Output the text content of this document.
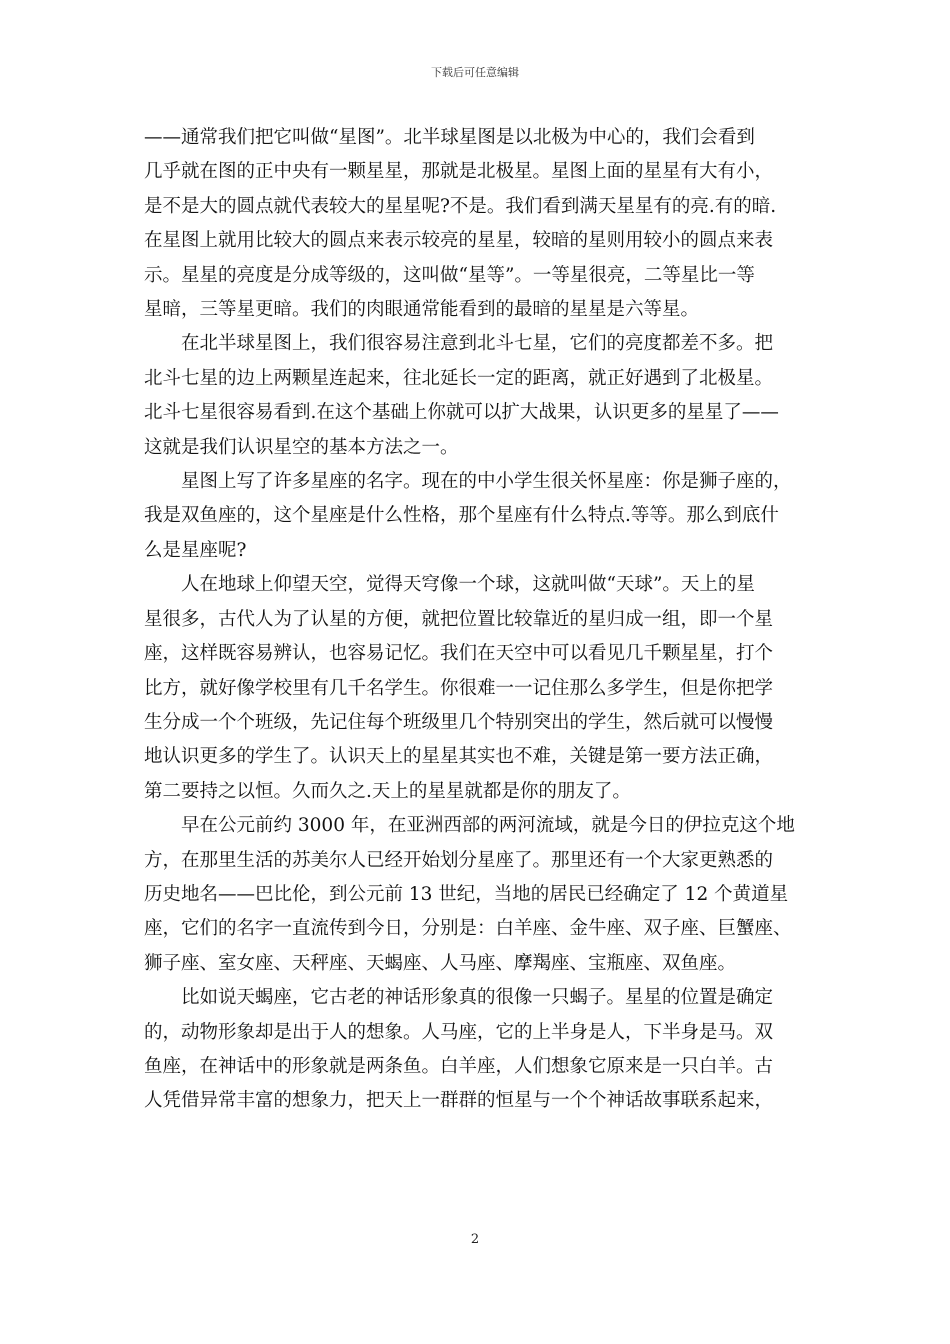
下载后可任意编辑

——通常我们把它叫做“星图”。北半球星图是以北极为中心的，我们会看到
几乎就在图的正中央有一颗星星，那就是北极星。星图上面的星星有大有小，
是不是大的圆点就代表较大的星星呢?不是。我们看到满天星星有的亮.有的暗.
在星图上就用比较大的圆点来表示较亮的星星，较暗的星则用较小的圆点来表
示。星星的亮度是分成等级的，这叫做“星等”。一等星很亮，二等星比一等
星暗，三等星更暗。我们的肉眼通常能看到的最暗的星星是六等星。

在北半球星图上，我们很容易注意到北斗七星，它们的亮度都差不多。把
北斗七星的边上两颗星连起来，往北延长一定的距离，就正好遇到了北极星。
北斗七星很容易看到.在这个基础上你就可以扩大战果，认识更多的星星了——
这就是我们认识星空的基本方法之一。

星图上写了许多星座的名字。现在的中小学生很关怀星座：你是狮子座的，
我是双鱼座的，这个星座是什么性格，那个星座有什么特点.等等。那么到底什
么是星座呢?

人在地球上仰望天空，觉得天穹像一个球，这就叫做“天球”。天上的星
星很多，古代人为了认星的方便，就把位置比较靠近的星归成一组，即一个星
座，这样既容易辨认，也容易记忆。我们在天空中可以看见几千颗星星，打个
比方，就好像学校里有几千名学生。你很难一一记住那么多学生，但是你把学
生分成一个个班级，先记住每个班级里几个特别突出的学生，然后就可以慢慢
地认识更多的学生了。认识天上的星星其实也不难，关键是第一要方法正确，
第二要持之以恒。久而久之.天上的星星就都是你的朋友了。

早在公元前约 3000 年，在亚洲西部的两河流域，就是今日的伊拉克这个地
方，在那里生活的苏美尔人已经开始划分星座了。那里还有一个大家更熟悉的
历史地名——巴比伦，到公元前 13 世纪，当地的居民已经确定了 12 个黄道星
座，它们的名字一直流传到今日，分别是：白羊座、金牛座、双子座、巨蟹座、
狮子座、室女座、天秤座、天蝎座、人马座、摩羯座、宝瓶座、双鱼座。

比如说天蝎座，它古老的神话形象真的很像一只蝎子。星星的位置是确定
的，动物形象却是出于人的想象。人马座，它的上半身是人，下半身是马。双
鱼座，在神话中的形象就是两条鱼。白羊座，人们想象它原来是一只白羊。古
人凭借异常丰富的想象力，把天上一群群的恒星与一个个神话故事联系起来，

2
